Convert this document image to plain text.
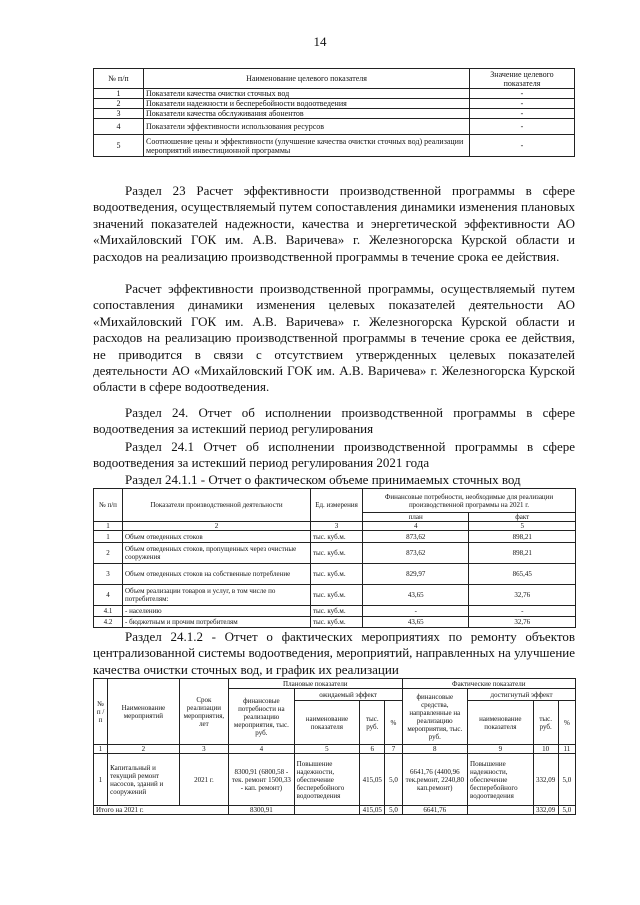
14
№ п/п	Наименование целевого показателя	Значение целевого показателя
1	Показатели качества очистки сточных вод	-
2	Показатели надежности и бесперебойности водоотведения	-
3	Показатели качества обслуживания абонентов	-
4	Показатели эффективности использования ресурсов	-
5	Соотношение цены и эффективности (улучшение качества очистки сточных вод) реализации мероприятий инвестиционной программы	-

Раздел 23 Расчет эффективности производственной программы в сфере водоотведения, осуществляемый путем сопоставления динамики изменения плановых значений показателей надежности, качества и энергетической эффективности АО «Михайловский ГОК им. А.В. Варичева» г. Железногорска Курской области и расходов на реализацию производственной программы в течение срока ее действия.

Расчет эффективности производственной программы, осуществляемый путем сопоставления динамики изменения целевых показателей деятельности АО «Михайловский ГОК им. А.В. Варичева» г. Железногорска Курской области и расходов на реализацию производственной программы в течение срока ее действия, не приводится в связи с отсутствием утвержденных целевых показателей деятельности АО «Михайловский ГОК им. А.В. Варичева» г. Железногорска Курской области в сфере водоотведения.

Раздел 24. Отчет об исполнении производственной программы в сфере водоотведения за истекший период регулирования

Раздел 24.1 Отчет об исполнении производственной программы в сфере водоотведения за истекший период регулирования 2021 года

Раздел 24.1.1 - Отчет о фактическом объеме принимаемых сточных вод

№ п/п	Показатели производственной деятельности	Ед. измерения	Финансовые потребности, необходимые для реализации производственной программы на 2021 г.	
			план	факт
1	2	3	4	5
1	Объем отведенных стоков	тыс. куб.м.	873,62	898,21
2	Объем отведенных стоков, пропущенных через очистные сооружения	тыс. куб.м.	873,62	898,21
3	Объем отведенных стоков на собственные потребление	тыс. куб.м.	829,97	865,45
4	Объем реализации товаров и услуг, в том числе по потребителям:	тыс. куб.м.	43,65	32,76
4.1	- населению	тыс. куб.м.	-	-
4.2	- бюджетным и прочим потребителям	тыс. куб.м.	43,65	32,76

Раздел 24.1.2 - Отчет о фактических мероприятиях по ремонту объектов централизованной системы водоотведения, мероприятий, направленных на улучшение качества очистки сточных вод, и график их реализации

№ п / п	Наименование мероприятий	Срок реализации мероприятия, лет	Плановые показатели				Фактические показатели			
			финансовые потребности на реализацию мероприятия, тыс. руб.	ожидаемый эффект			финансовые средства, направленные на реализацию мероприятия, тыс. руб.	достигнутый эффект		
				наименование показателя	тыс. руб.	%		наименование показателя	тыс. руб.	%
1	2	3	4	5	6	7	8	9	10	11
1	Капитальный и текущий ремонт насосов, зданий и сооружений	2021 г.	8300,91 (6800,58 - тек. ремонт 1500,33 - кап. ремонт)	Повышение надежности, обеспечение бесперебойного водоотведения	415,05	5,0	6641,76 (4400,96 тек.ремонт, 2240,80 кап.ремонт)	Повышение надежности, обеспечение бесперебойного водоотведения	332,09	5,0
Итого на 2021 г.			8300,91		415,05	5,0	6641,76		332,09	5,0
